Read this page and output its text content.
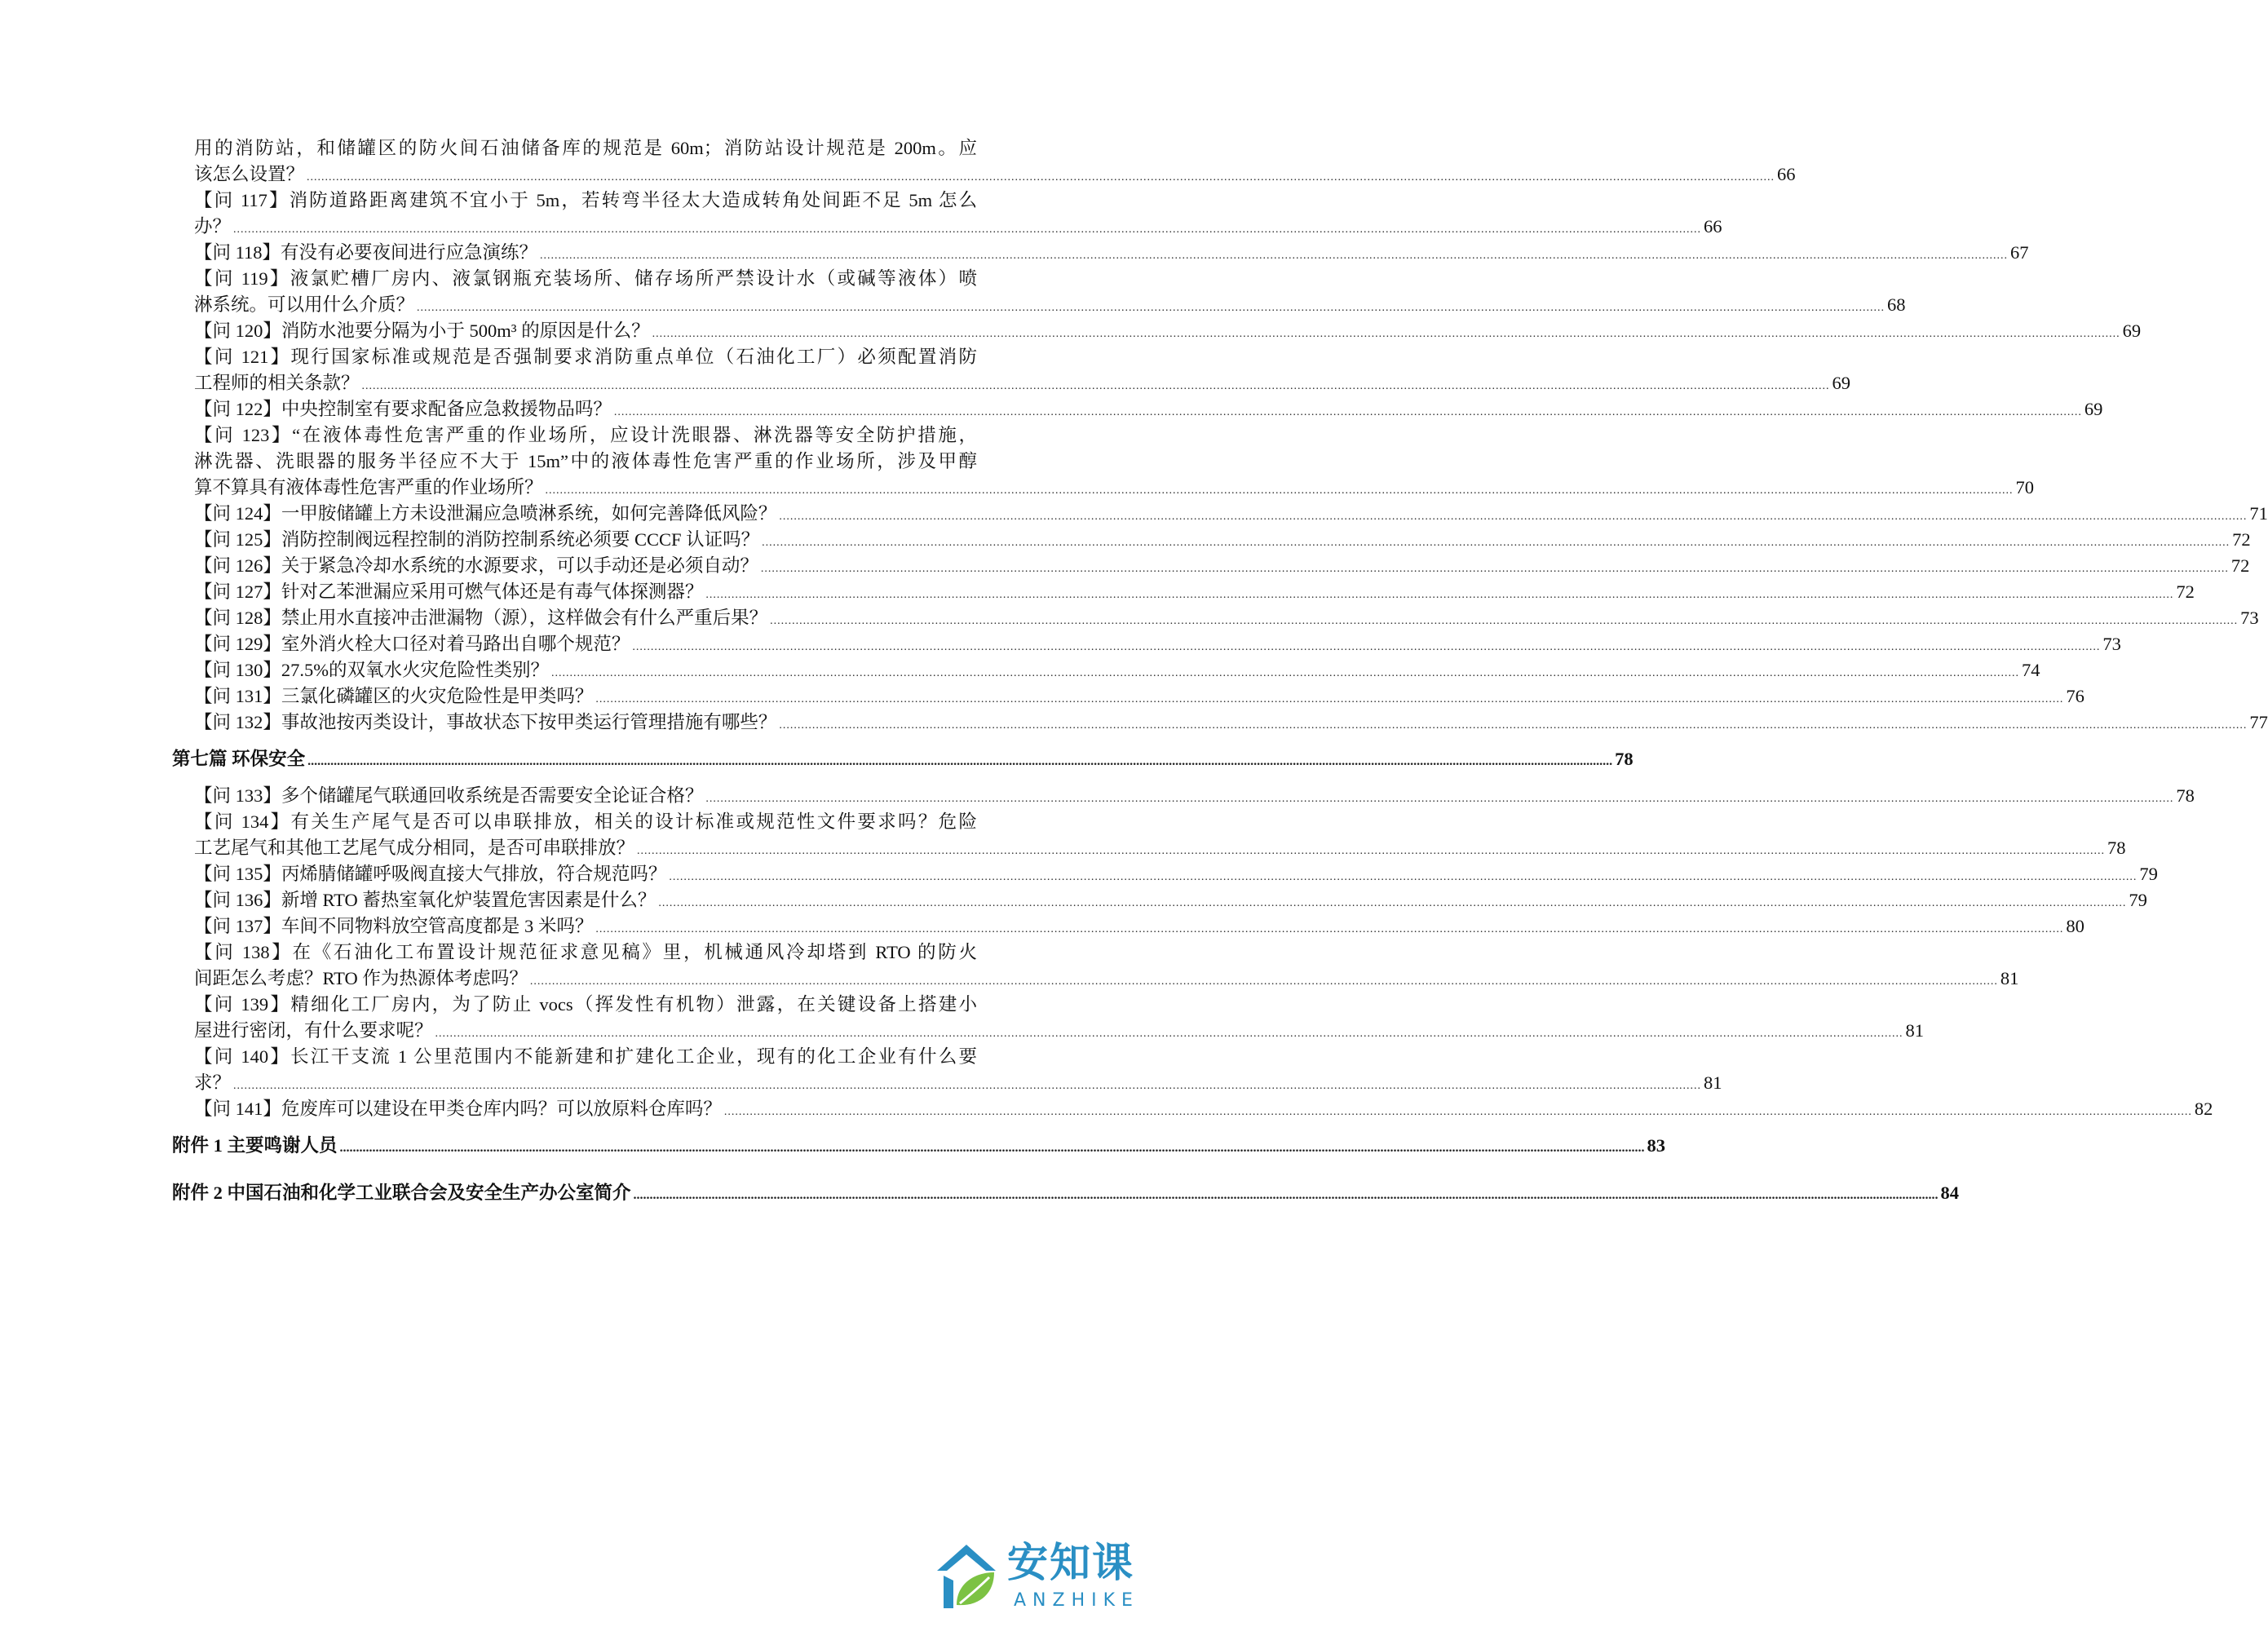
用的消防站，和储罐区的防火间石油储备库的规范是 60m；消防站设计规范是 200m。应
该怎么设置？ ................................................................................................................................................................................................................................................................................................................................................................................................................ 66
【问 117】消防道路距离建筑不宜小于 5m，若转弯半径太大造成转角处间距不足 5m 怎么
办？ ................................................................................................................................................................................................................................................................................................................................................................................................................ 66
【问 118】有没有必要夜间进行应急演练？ ................................................................................................................................................................................................................................................................................................................................................................................................................ 67
【问 119】液氯贮槽厂房内、液氯钢瓶充装场所、储存场所严禁设计水（或碱等液体）喷
淋系统。可以用什么介质？ ................................................................................................................................................................................................................................................................................................................................................................................................................ 68
【问 120】消防水池要分隔为小于 500m³ 的原因是什么？ ................................................................................................................................................................................................................................................................................................................................................................................................................ 69
【问 121】现行国家标准或规范是否强制要求消防重点单位（石油化工厂）必须配置消防
工程师的相关条款？ ................................................................................................................................................................................................................................................................................................................................................................................................................ 69
【问 122】中央控制室有要求配备应急救援物品吗？ ................................................................................................................................................................................................................................................................................................................................................................................................................ 69
【问 123】“在液体毒性危害严重的作业场所，应设计洗眼器、淋洗器等安全防护措施，
淋洗器、洗眼器的服务半径应不大于 15m”中的液体毒性危害严重的作业场所，涉及甲醇
算不算具有液体毒性危害严重的作业场所？ ................................................................................................................................................................................................................................................................................................................................................................................................................ 70
【问 124】一甲胺储罐上方未设泄漏应急喷淋系统，如何完善降低风险？ ................................................................................................................................................................................................................................................................................................................................................................................................................ 71
【问 125】消防控制阀远程控制的消防控制系统必须要 CCCF 认证吗？ ................................................................................................................................................................................................................................................................................................................................................................................................................ 72
【问 126】关于紧急冷却水系统的水源要求，可以手动还是必须自动？ ................................................................................................................................................................................................................................................................................................................................................................................................................ 72
【问 127】针对乙苯泄漏应采用可燃气体还是有毒气体探测器？ ................................................................................................................................................................................................................................................................................................................................................................................................................ 72
【问 128】禁止用水直接冲击泄漏物（源），这样做会有什么严重后果？ ................................................................................................................................................................................................................................................................................................................................................................................................................ 73
【问 129】室外消火栓大口径对着马路出自哪个规范？ ................................................................................................................................................................................................................................................................................................................................................................................................................ 73
【问 130】27.5%的双氧水火灾危险性类别？ ................................................................................................................................................................................................................................................................................................................................................................................................................ 74
【问 131】三氯化磷罐区的火灾危险性是甲类吗？ ................................................................................................................................................................................................................................................................................................................................................................................................................ 76
【问 132】事故池按丙类设计，事故状态下按甲类运行管理措施有哪些？ ................................................................................................................................................................................................................................................................................................................................................................................................................ 77
第七篇 环保安全 ................................................................................................................................................................................................................................................................................................................................................................................................................ 78
【问 133】多个储罐尾气联通回收系统是否需要安全论证合格？ ................................................................................................................................................................................................................................................................................................................................................................................................................ 78
【问 134】有关生产尾气是否可以串联排放，相关的设计标准或规范性文件要求吗？危险
工艺尾气和其他工艺尾气成分相同，是否可串联排放？ ................................................................................................................................................................................................................................................................................................................................................................................................................ 78
【问 135】丙烯腈储罐呼吸阀直接大气排放，符合规范吗？ ................................................................................................................................................................................................................................................................................................................................................................................................................ 79
【问 136】新增 RTO 蓄热室氧化炉装置危害因素是什么？ ................................................................................................................................................................................................................................................................................................................................................................................................................ 79
【问 137】车间不同物料放空管高度都是 3 米吗？ ................................................................................................................................................................................................................................................................................................................................................................................................................ 80
【问 138】在《石油化工布置设计规范征求意见稿》里，机械通风冷却塔到 RTO 的防火
间距怎么考虑？RTO 作为热源体考虑吗？ ................................................................................................................................................................................................................................................................................................................................................................................................................ 81
【问 139】精细化工厂房内，为了防止 vocs（挥发性有机物）泄露，在关键设备上搭建小
屋进行密闭，有什么要求呢？ ................................................................................................................................................................................................................................................................................................................................................................................................................ 81
【问 140】长江干支流 1 公里范围内不能新建和扩建化工企业，现有的化工企业有什么要
求？ ................................................................................................................................................................................................................................................................................................................................................................................................................ 81
【问 141】危废库可以建设在甲类仓库内吗？可以放原料仓库吗？ ................................................................................................................................................................................................................................................................................................................................................................................................................ 82
附件 1 主要鸣谢人员 ................................................................................................................................................................................................................................................................................................................................................................................................................ 83
附件 2 中国石油和化学工业联合会及安全生产办公室简介 ................................................................................................................................................................................................................................................................................................................................................................................................................ 84
安知课
ANZHIKE
